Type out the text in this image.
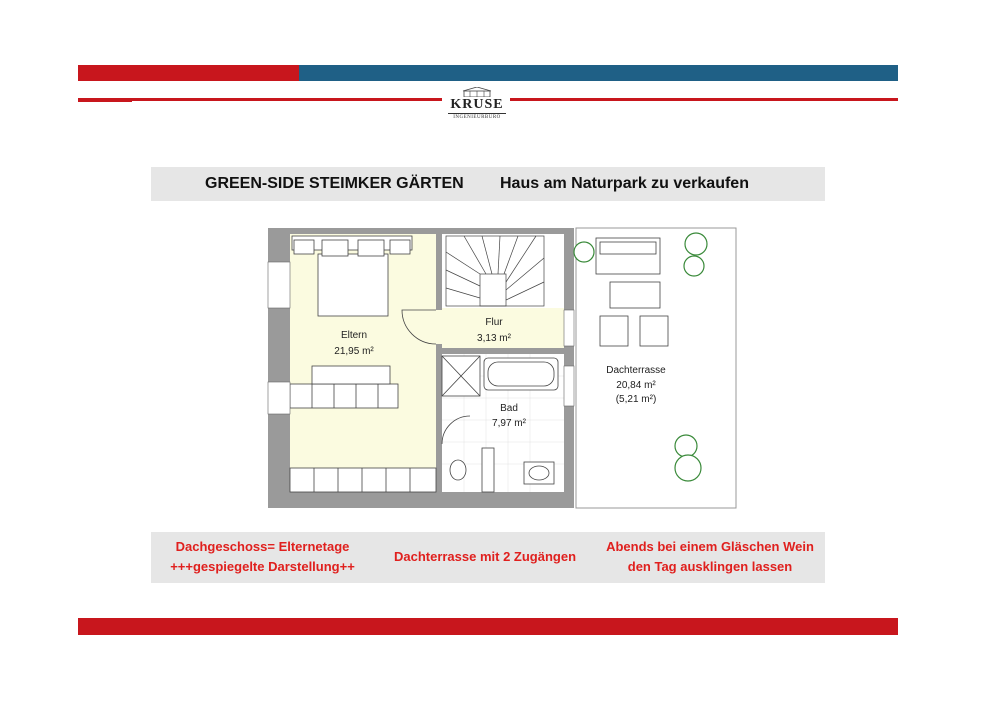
KRUSE
INGENIEURBÜRO
GREEN-SIDE STEIMKER GÄRTEN Haus am Naturpark zu verkaufen
Eltern
21,95 m²
Flur
3,13 m²
Bad
7,97 m²
Dachterrasse
20,84 m²
(5,21 m²)
Dachgeschoss= Elternetage
+++gespiegelte Darstellung++
Dachterrasse mit 2 Zugängen
Abends bei einem Gläschen Wein
den Tag ausklingen lassen
